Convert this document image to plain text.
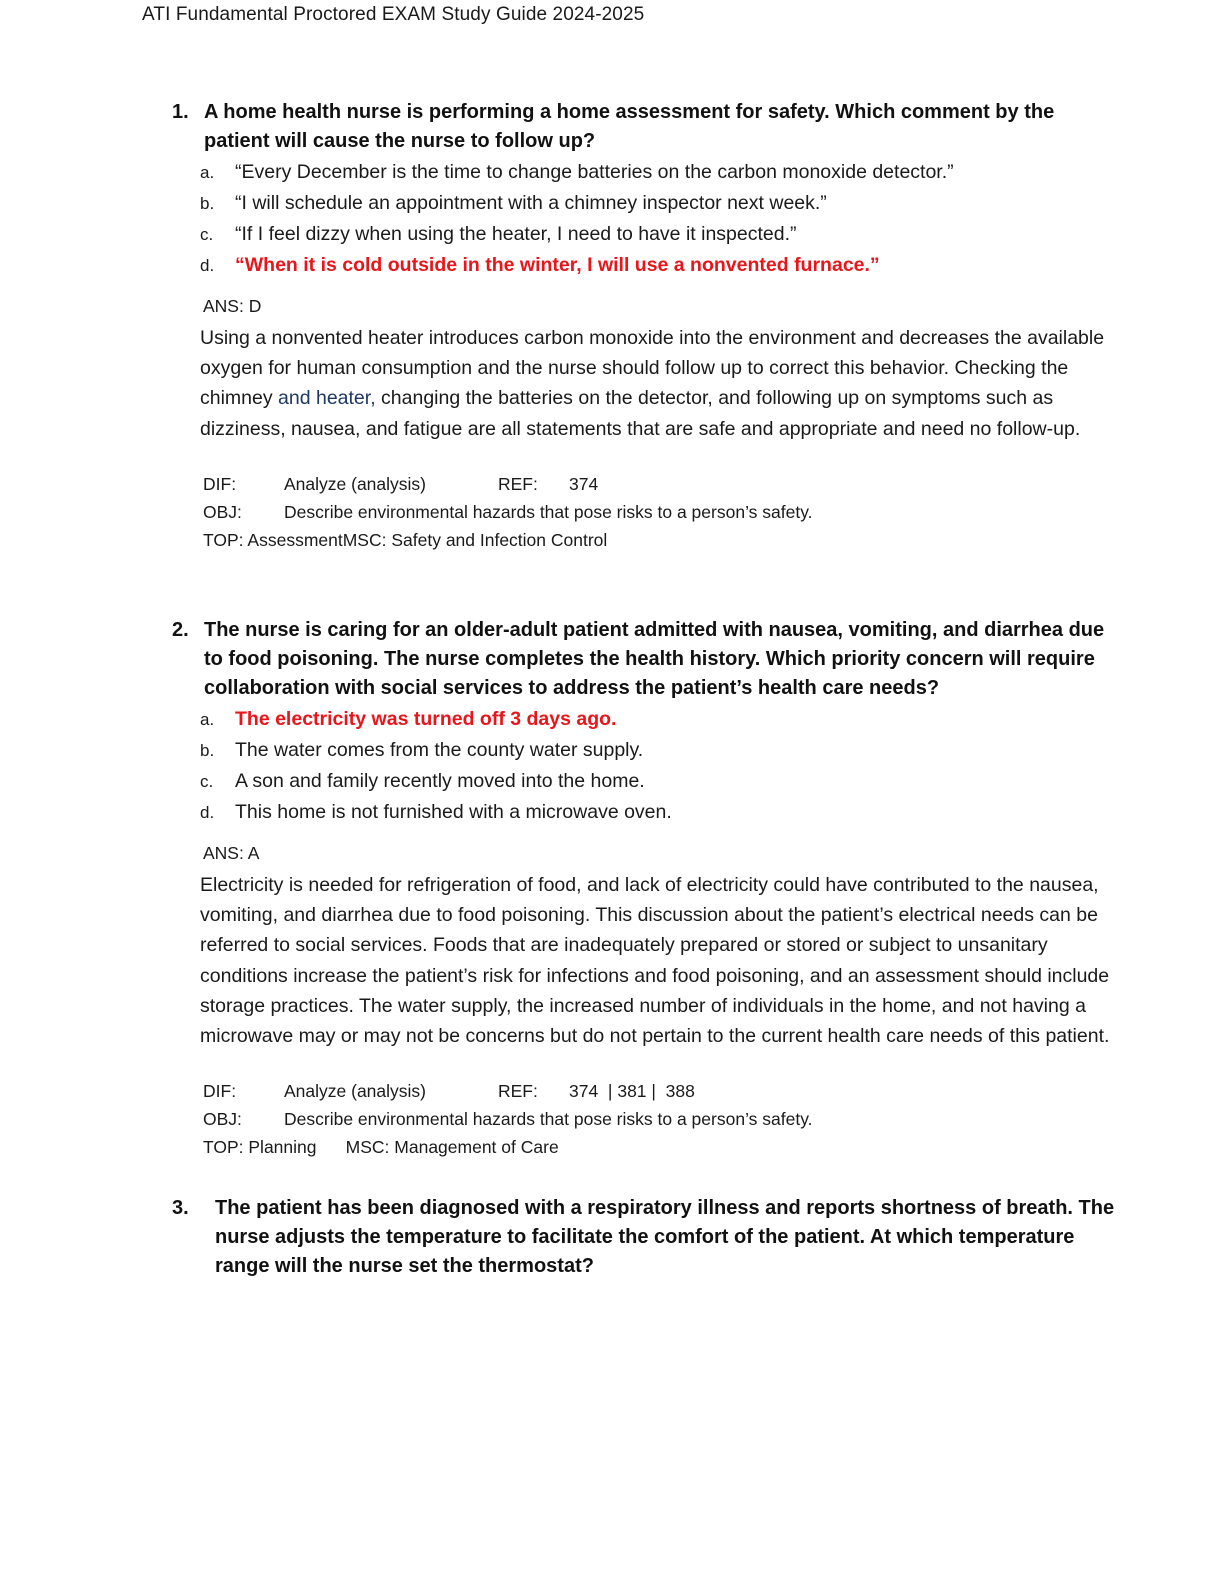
ATI Fundamental Proctored EXAM Study Guide 2024-2025
1. A home health nurse is performing a home assessment for safety. Which comment by the patient will cause the nurse to follow up?
a.	“Every December is the time to change batteries on the carbon monoxide detector.”
b.	“I will schedule an appointment with a chimney inspector next week.”
c.	“If I feel dizzy when using the heater, I need to have it inspected.”
d.	“When it is cold outside in the winter, I will use a nonvented furnace.”
ANS: D
Using a nonvented heater introduces carbon monoxide into the environment and decreases the available oxygen for human consumption and the nurse should follow up to correct this behavior. Checking the chimney and heater, changing the batteries on the detector, and following up on symptoms such as dizziness, nausea, and fatigue are all statements that are safe and appropriate and need no follow-up.
DIF:	Analyze (analysis)	REF:	374
OBJ:	Describe environmental hazards that pose risks to a person’s safety.
TOP: AssessmentMSC: Safety and Infection Control
2. The nurse is caring for an older-adult patient admitted with nausea, vomiting, and diarrhea due to food poisoning. The nurse completes the health history. Which priority concern will require collaboration with social services to address the patient’s health care needs?
a.	The electricity was turned off 3 days ago.
b.	The water comes from the county water supply.
c.	A son and family recently moved into the home.
d.	This home is not furnished with a microwave oven.
ANS: A
Electricity is needed for refrigeration of food, and lack of electricity could have contributed to the nausea, vomiting, and diarrhea due to food poisoning. This discussion about the patient’s electrical needs can be referred to social services. Foods that are inadequately prepared or stored or subject to unsanitary conditions increase the patient’s risk for infections and food poisoning, and an assessment should include storage practices. The water supply, the increased number of individuals in the home, and not having a microwave may or may not be concerns but do not pertain to the current health care needs of this patient.
DIF:	Analyze (analysis)	REF:	374  | 381 |  388
OBJ:	Describe environmental hazards that pose risks to a person’s safety.
TOP: Planning      MSC: Management of Care
3.	The patient has been diagnosed with a respiratory illness and reports shortness of breath. The nurse adjusts the temperature to facilitate the comfort of the patient. At which temperature range will the nurse set the thermostat?
